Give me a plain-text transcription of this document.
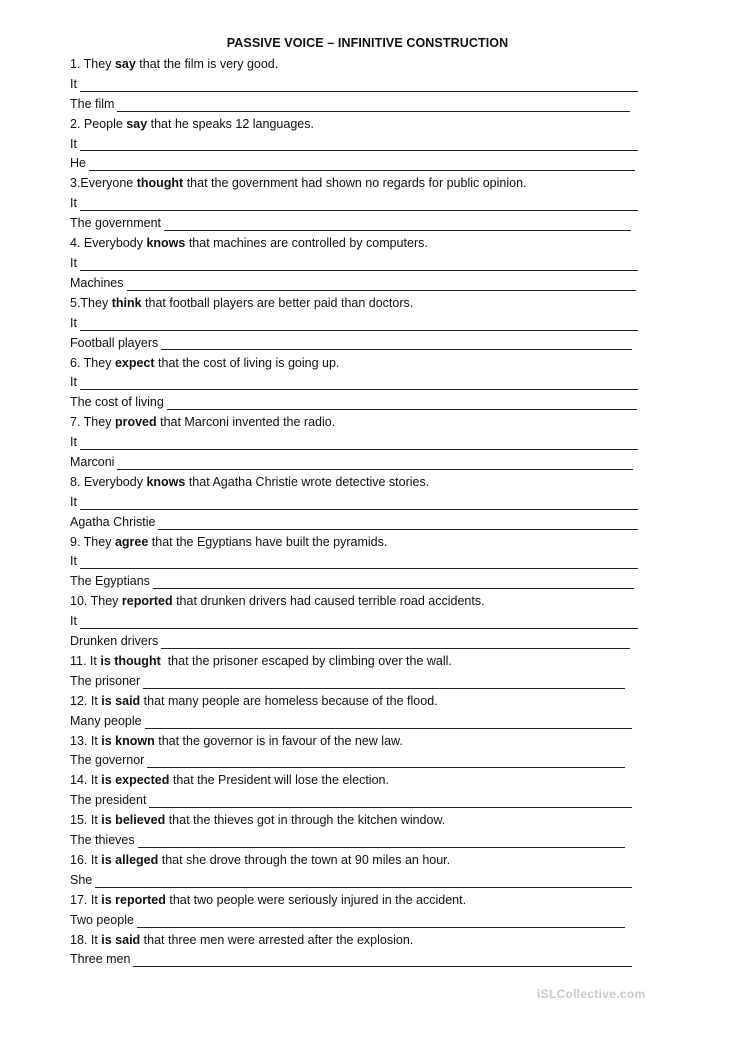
PASSIVE VOICE – INFINITIVE CONSTRUCTION
1. They say that the film is very good.
It
The film
2. People say that he speaks 12 languages.
It
He
3.Everyone thought that the government had shown no regards for public opinion.
It
The government
4. Everybody knows that machines are controlled by computers.
It
Machines
5.They think that football players are better paid than doctors.
It
Football players
6. They expect that the cost of living is going up.
It
The cost of living
7. They proved that Marconi invented the radio.
It
Marconi
8. Everybody knows that Agatha Christie wrote detective stories.
It
Agatha Christie
9. They agree that the Egyptians have built the pyramids.
It
The Egyptians
10. They reported that drunken drivers had caused terrible road accidents.
It
Drunken drivers
11. It is thought  that the prisoner escaped by climbing over the wall.
The prisoner
12. It is said that many people are homeless because of the flood.
Many people
13. It is known that the governor is in favour of the new law.
The governor
14. It is expected that the President will lose the election.
The president
15. It is believed that the thieves got in through the kitchen window.
The thieves
16. It is alleged that she drove through the town at 90 miles an hour.
She
17. It is reported that two people were seriously injured in the accident.
Two people
18. It is said that three men were arrested after the explosion.
Three men
iSLCollective.com
